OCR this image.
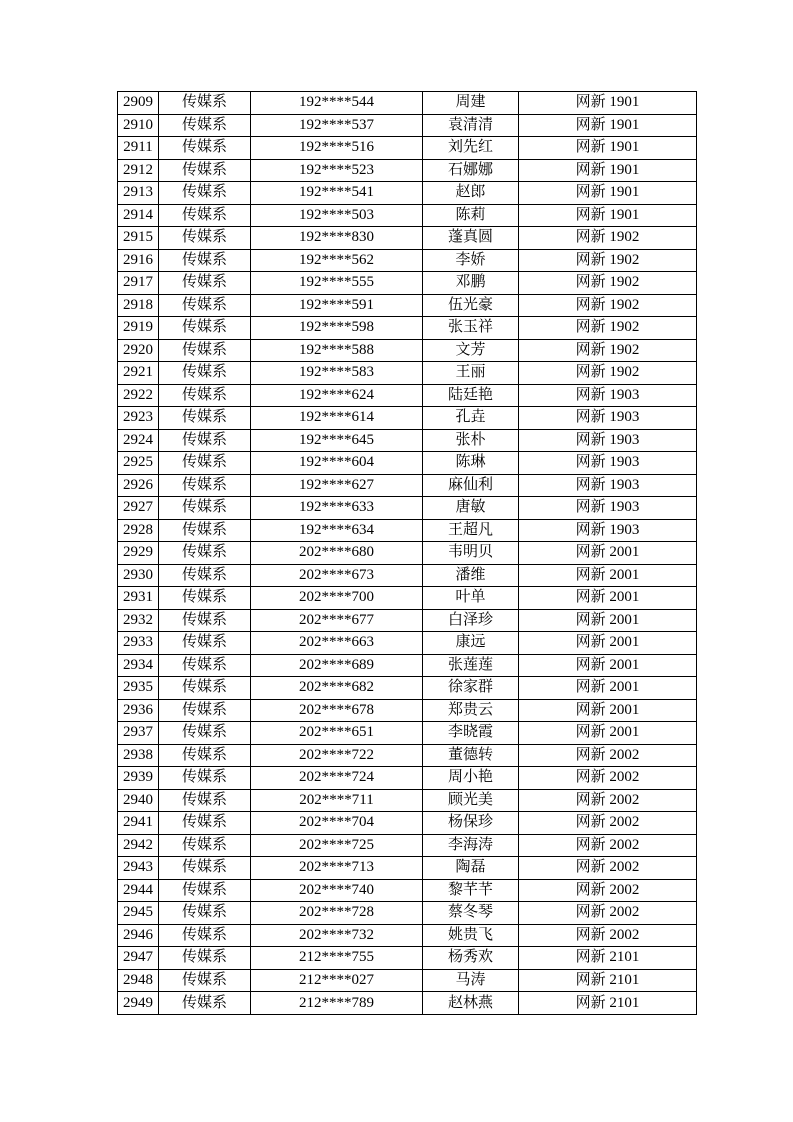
2909	传媒系	192****544	周建	网新 1901
2910	传媒系	192****537	袁清清	网新 1901
2911	传媒系	192****516	刘先红	网新 1901
2912	传媒系	192****523	石娜娜	网新 1901
2913	传媒系	192****541	赵郎	网新 1901
2914	传媒系	192****503	陈莉	网新 1901
2915	传媒系	192****830	蓬真圆	网新 1902
2916	传媒系	192****562	李娇	网新 1902
2917	传媒系	192****555	邓鹏	网新 1902
2918	传媒系	192****591	伍光豪	网新 1902
2919	传媒系	192****598	张玉祥	网新 1902
2920	传媒系	192****588	文芳	网新 1902
2921	传媒系	192****583	王丽	网新 1902
2922	传媒系	192****624	陆廷艳	网新 1903
2923	传媒系	192****614	孔垚	网新 1903
2924	传媒系	192****645	张朴	网新 1903
2925	传媒系	192****604	陈琳	网新 1903
2926	传媒系	192****627	麻仙利	网新 1903
2927	传媒系	192****633	唐敏	网新 1903
2928	传媒系	192****634	王超凡	网新 1903
2929	传媒系	202****680	韦明贝	网新 2001
2930	传媒系	202****673	潘维	网新 2001
2931	传媒系	202****700	叶单	网新 2001
2932	传媒系	202****677	白泽珍	网新 2001
2933	传媒系	202****663	康远	网新 2001
2934	传媒系	202****689	张莲莲	网新 2001
2935	传媒系	202****682	徐家群	网新 2001
2936	传媒系	202****678	郑贵云	网新 2001
2937	传媒系	202****651	李晓霞	网新 2001
2938	传媒系	202****722	董德转	网新 2002
2939	传媒系	202****724	周小艳	网新 2002
2940	传媒系	202****711	顾光美	网新 2002
2941	传媒系	202****704	杨保珍	网新 2002
2942	传媒系	202****725	李海涛	网新 2002
2943	传媒系	202****713	陶磊	网新 2002
2944	传媒系	202****740	黎芊芊	网新 2002
2945	传媒系	202****728	蔡冬琴	网新 2002
2946	传媒系	202****732	姚贵飞	网新 2002
2947	传媒系	212****755	杨秀欢	网新 2101
2948	传媒系	212****027	马涛	网新 2101
2949	传媒系	212****789	赵林燕	网新 2101
